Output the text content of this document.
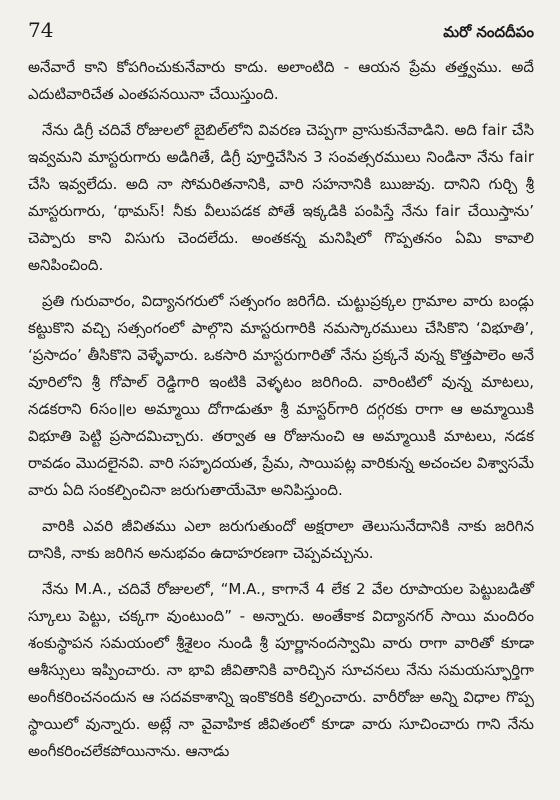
74	మరో నందదీపం

అనేవారే కాని కోపగించుకునేవారు కాదు. అలాంటిది - ఆయన ప్రేమ తత్త్వము. అదే ఎదుటివారిచేత ఎంతపనయినా చేయిస్తుంది.

నేను డిగ్రీ చదివే రోజులలో బైబిల్‌లోని వివరణ చెప్పగా వ్రాసుకునేవాడిని. అది fair చేసి ఇవ్వమని మాస్టరుగారు అడిగితే, డిగ్రీ పూర్తిచేసిన 3 సంవత్సరములు నిండినా నేను fair చేసి ఇవ్వలేదు. అది నా సోమరితనానికి, వారి సహనానికి ఋజువు. దానిని గుర్చి శ్రీ మాస్టరుగారు, ‘థామస్! నీకు వీలుపడక పోతే ఇక్కడికి పంపిస్తే నేను fair చేయిస్తాను’ చెప్పారు కాని విసుగు చెందలేదు. అంతకన్న మనిషిలో గొప్పతనం ఏమి కావాలి అనిపించింది.

ప్రతి గురువారం, విద్యానగరులో సత్సంగం జరిగేది. చుట్టుప్రక్కల గ్రామాల వారు బండ్లు కట్టుకొని వచ్చి సత్సంగంలో పాల్గొని మాస్టరుగారికి నమస్కారములు చేసికొని ‘విభూతి’, ‘ప్రసాదం’ తీసికొని వెళ్ళేవారు. ఒకసారి మాస్టరుగారితో నేను ప్రక్కనే వున్న కొత్తపాలెం అనే వూరిలోని శ్రీ గోపాల్ రెడ్డిగారి ఇంటికి వెళ్ళటం జరిగింది. వారింటిలో వున్న మాటలు, నడకరాని 6సం॥ల అమ్మాయి దోగాడుతూ శ్రీ మాస్టర్‌గారి దగ్గరకు రాగా ఆ అమ్మాయికి విభూతి పెట్టి ప్రసాదమిచ్చారు. తర్వాత ఆ రోజునుంచి ఆ అమ్మాయికి మాటలు, నడక రావడం మొదలైనవి. వారి సహృదయత, ప్రేమ, సాయిపట్ల వారికున్న అచంచల విశ్వాసమే వారు ఏది సంకల్పించినా జరుగుతాయేమో అనిపిస్తుంది.

వారికి ఎవరి జీవితము ఎలా జరుగుతుందో అక్షరాలా తెలుసునేదానికి నాకు జరిగిన దానికి, నాకు జరిగిన అనుభవం ఉదాహరణగా చెప్పవచ్చును.

నేను M.A., చదివే రోజులలో, “M.A., కాగానే 4 లేక 2 వేల రూపాయల పెట్టుబడితో స్కూలు పెట్టు, చక్కగా వుంటుంది” - అన్నారు. అంతేకాక విద్యానగర్ సాయి మందిరం శంకుస్థాపన సమయంలో శ్రీశైలం నుండి శ్రీ పూర్ణానందస్వామి వారు రాగా వారితో కూడా ఆశీస్సులు ఇప్పించారు. నా భావి జీవితానికి వారిచ్చిన సూచనలు నేను సమయస్ఫూర్తిగా అంగీకరించనందున ఆ సదవకాశాన్ని ఇంకొకరికి కల్పించారు. వారీరోజు అన్ని విధాల గొప్ప స్థాయిలో వున్నారు. అట్లే నా వైవాహిక జీవితంలో కూడా వారు సూచించారు గాని నేను అంగీకరించలేకపోయినాను. ఆనాడు
